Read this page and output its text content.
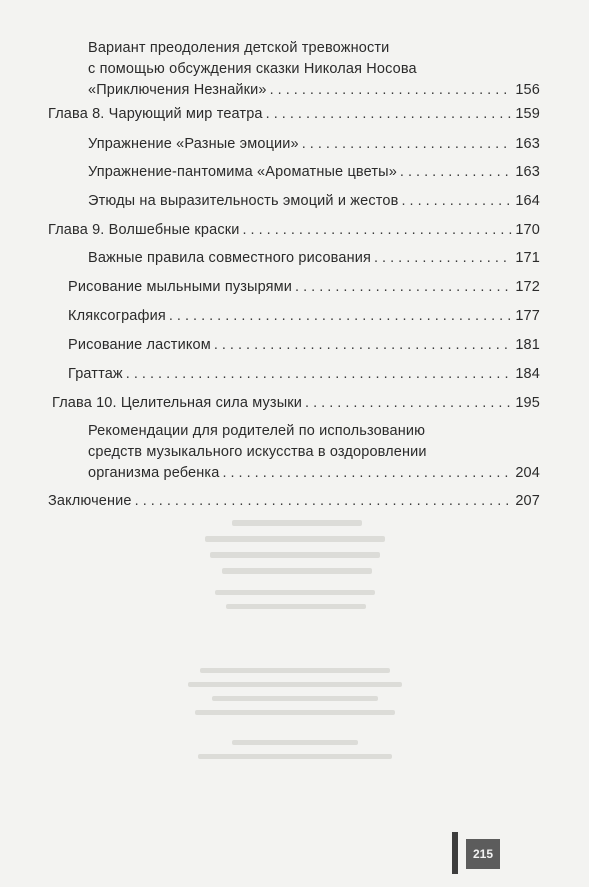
Вариант преодоления детской тревожности
с помощью обсуждения сказки Николая Носова
«Приключения Незнайки» . . .	156
Глава 8. Чарующий мир театра . . .	159
Упражнение «Разные эмоции» . . .	163
Упражнение-пантомима «Ароматные цветы» . . .	163
Этюды на выразительность эмоций и жестов . . .	164
Глава 9. Волшебные краски . . .	170
Важные правила совместного рисования . . .	171
Рисование мыльными пузырями . . .	172
Кляксография . . .	177
Рисование ластиком . . .	181
Граттаж . . .	184
Глава 10. Целительная сила музыки . . .	195
Рекомендации для родителей по использованию
средств музыкального искусства в оздоровлении
организма ребенка . . .	204
Заключение . . .	207
215
